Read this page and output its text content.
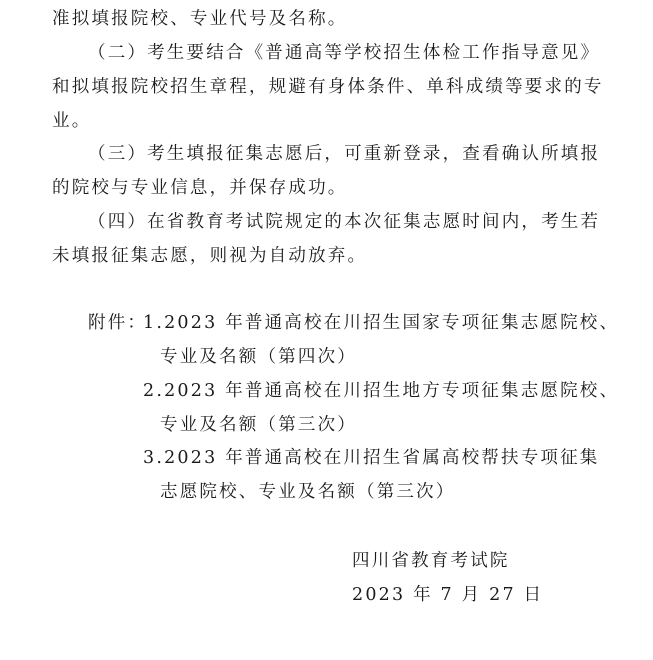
准拟填报院校、专业代号及名称。
（二）考生要结合《普通高等学校招生体检工作指导意见》
和拟填报院校招生章程，规避有身体条件、单科成绩等要求的专
业。
（三）考生填报征集志愿后，可重新登录，查看确认所填报
的院校与专业信息，并保存成功。
（四）在省教育考试院规定的本次征集志愿时间内，考生若
未填报征集志愿，则视为自动放弃。
附件：
1.2023 年普通高校在川招生国家专项征集志愿院校、
专业及名额（第四次）
2.2023 年普通高校在川招生地方专项征集志愿院校、
专业及名额（第三次）
3.2023 年普通高校在川招生省属高校帮扶专项征集
志愿院校、专业及名额（第三次）
四川省教育考试院
2023 年 7 月 27 日
